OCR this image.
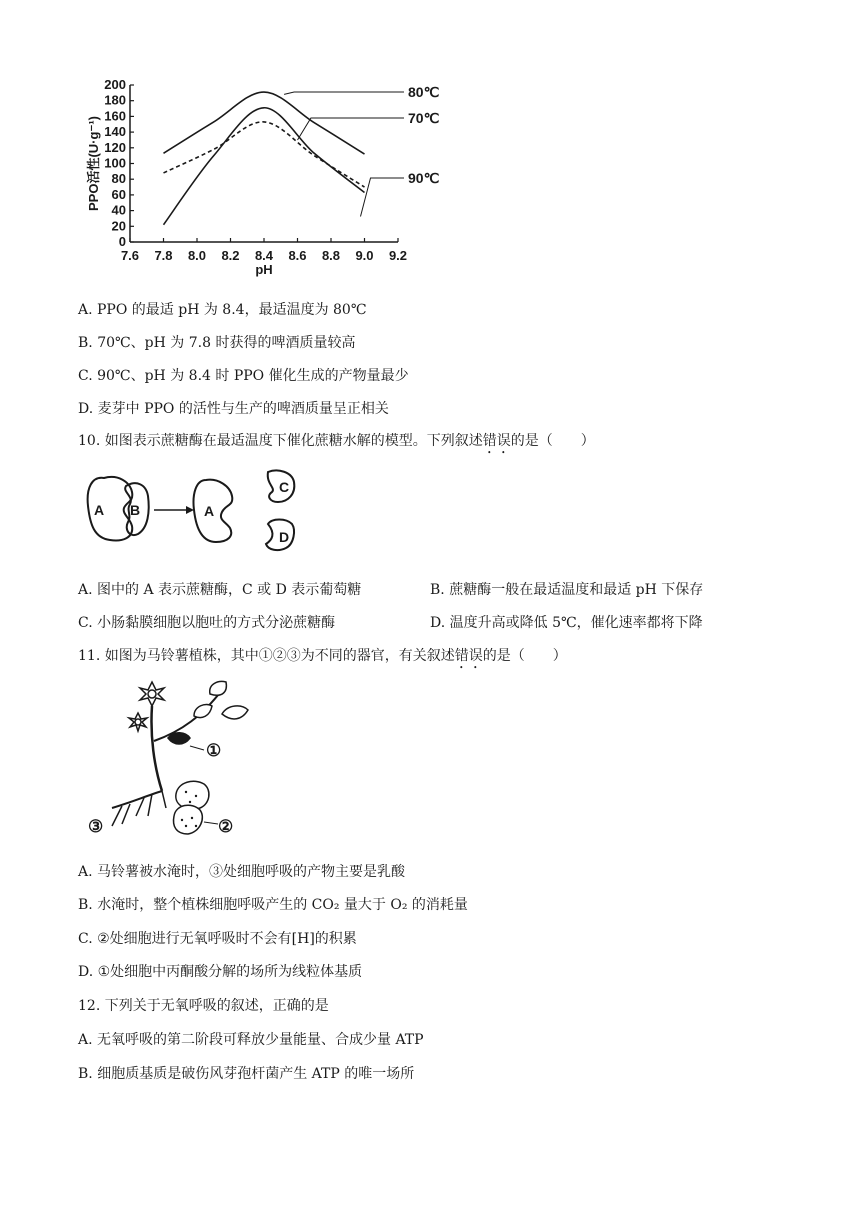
7.6 7.8 8.0 8.2 8.4 8.6 8.8 9.0 9.2
0
20
40
60
80
100
120
140
160
180
200
pH
PPO活性(U·g⁻¹)
80℃
70℃
90℃
A. PPO 的最适 pH 为 8.4，最适温度为 80℃
B. 70℃、pH 为 7.8 时获得的啤酒质量较高
C. 90℃、pH 为 8.4 时 PPO 催化生成的产物量最少
D. 麦芽中 PPO 的活性与生产的啤酒质量呈正相关
10. 如图表示蔗糖酶在最适温度下催化蔗糖水解的模型。下列叙述错误的是（　　）
A B	A
C
D
A. 图中的 A 表示蔗糖酶，C 或 D 表示葡萄糖	B. 蔗糖酶一般在最适温度和最适 pH 下保存
C. 小肠黏膜细胞以胞吐的方式分泌蔗糖酶	D. 温度升高或降低 5℃，催化速率都将下降
11. 如图为马铃薯植株，其中①②③为不同的器官，有关叙述错误的是（　　）
①
②
③
A. 马铃薯被水淹时，③处细胞呼吸的产物主要是乳酸
B. 水淹时，整个植株细胞呼吸产生的 CO₂ 量大于 O₂ 的消耗量
C. ②处细胞进行无氧呼吸时不会有[H]的积累
D. ①处细胞中丙酮酸分解的场所为线粒体基质
12. 下列关于无氧呼吸的叙述，正确的是
A. 无氧呼吸的第二阶段可释放少量能量、合成少量 ATP
B. 细胞质基质是破伤风芽孢杆菌产生 ATP 的唯一场所
